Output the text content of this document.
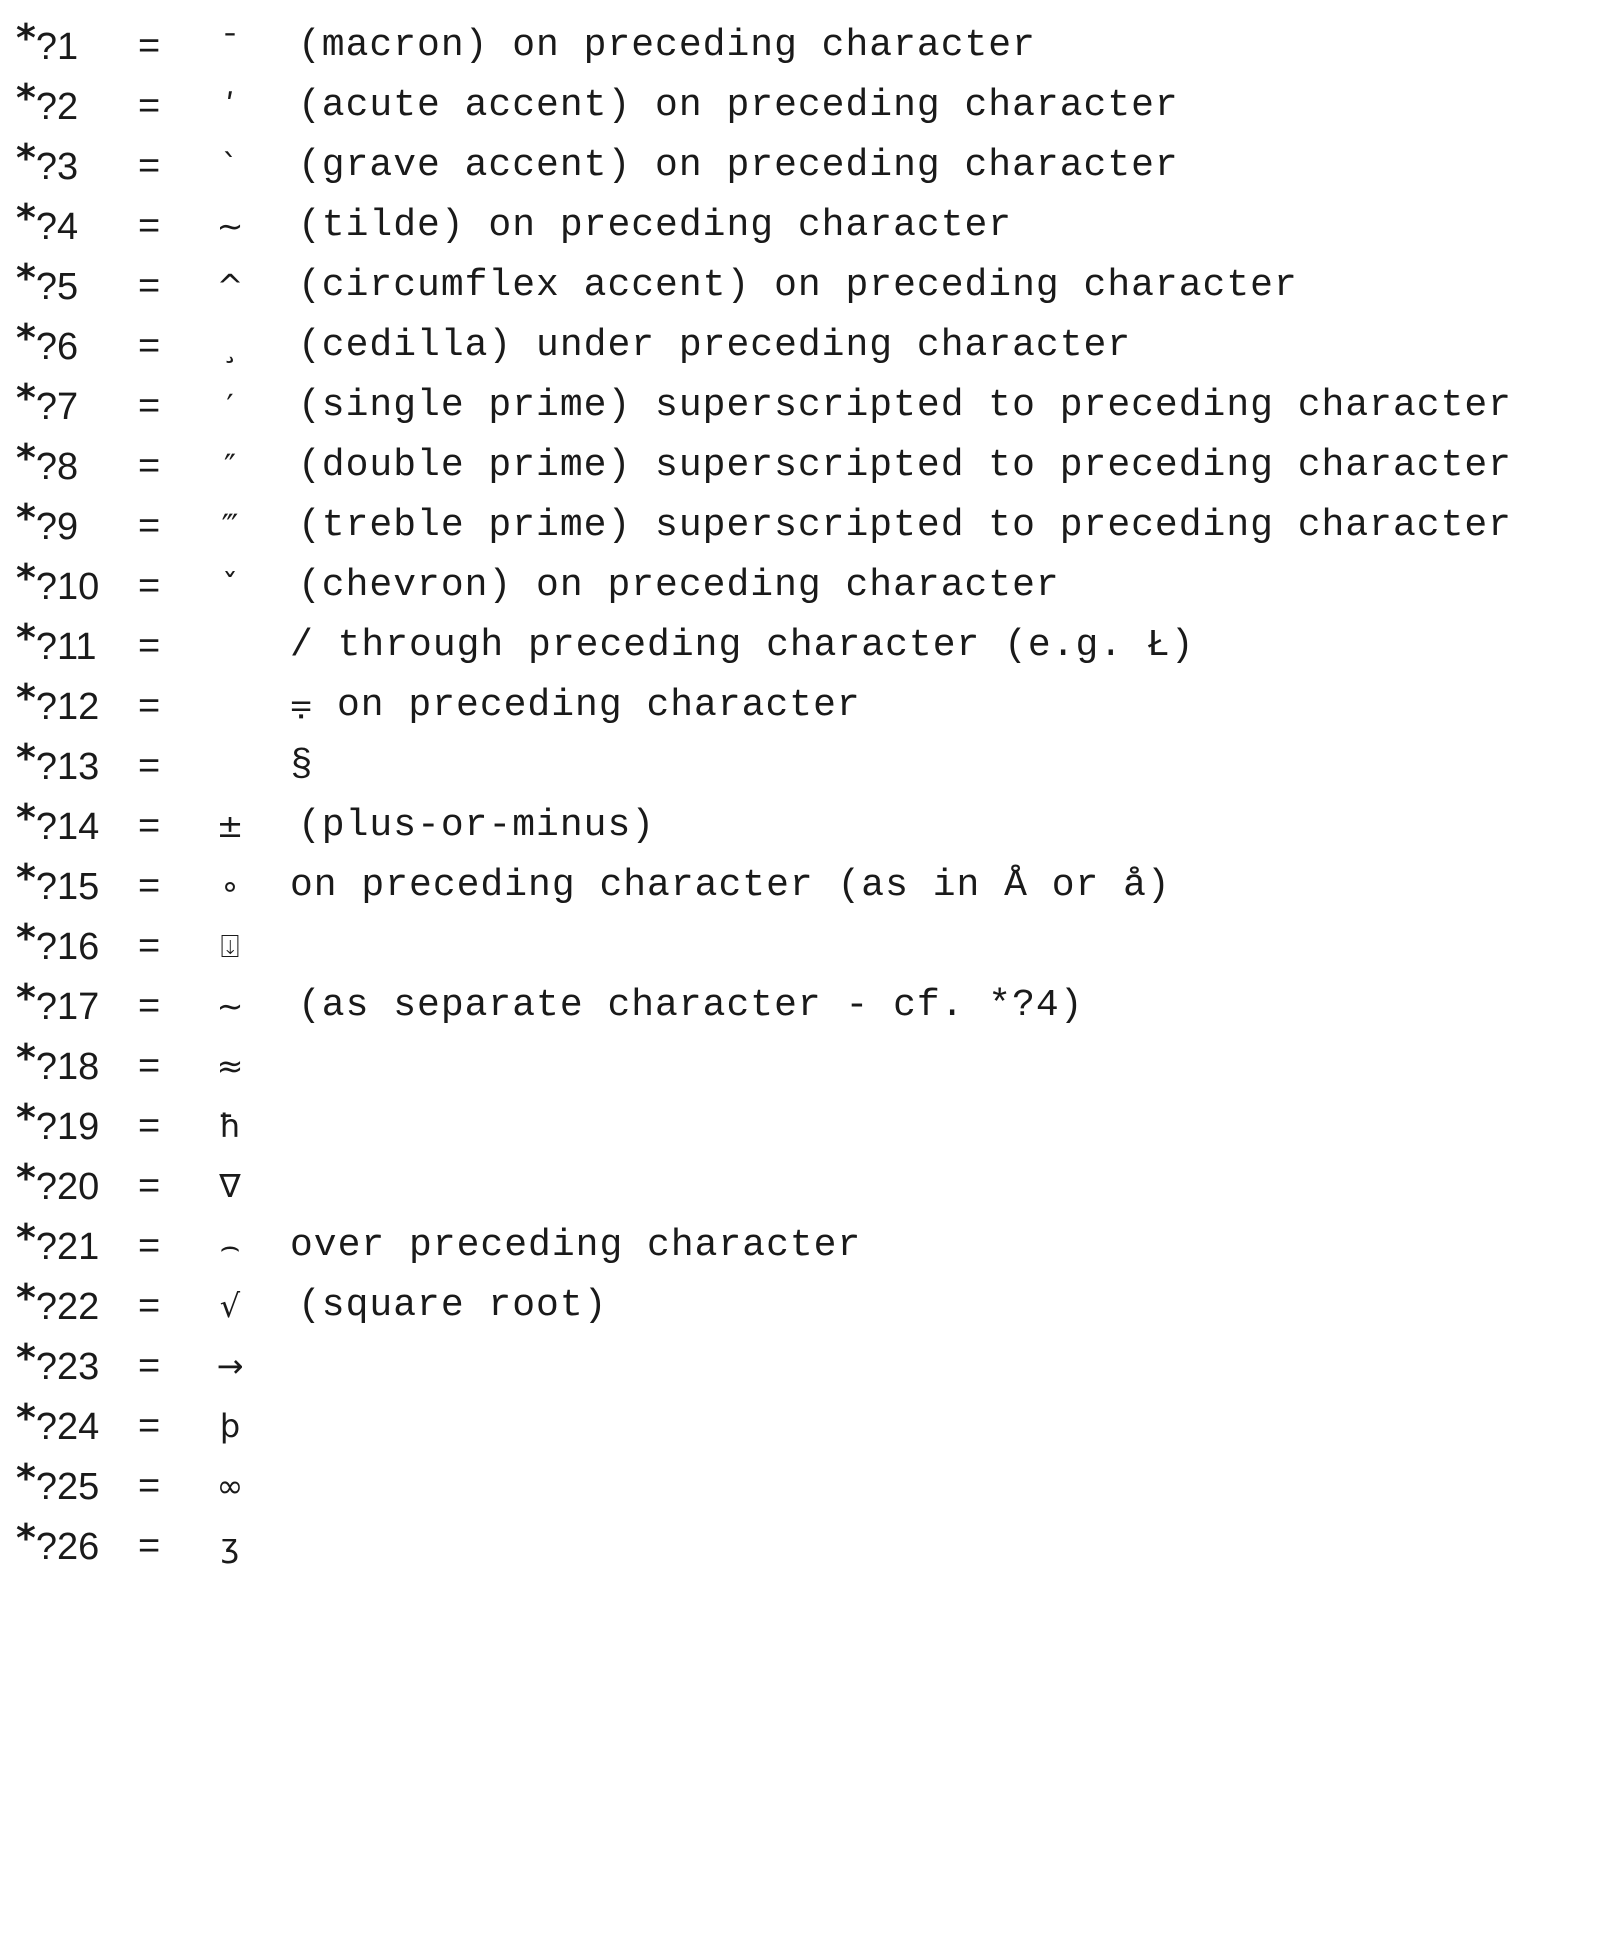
*?1 =	¯	(macron) on preceding character
*?2 =	ʹ	(acute accent) on preceding character
*?3 =	ˋ	(grave accent) on preceding character
*?4 = ~ (tilde) on preceding character
*?5 = ^ (circumflex accent) on preceding character
*?6 =	¸	(cedilla) under preceding character
*?7 =	′	(single prime) superscripted to preceding character
*?8 =	″	(double prime) superscripted to preceding character
*?9 =	‴	(treble prime) superscripted to preceding character
*?10 =	ˇ	(chevron) on preceding character
*?11 =	/ through preceding character (e.g. Ł)
*?12 =	⩦ on preceding character
*?13 =	§
*?14 = ± (plus-or-minus)
*?15 =	∘ on preceding character (as in Å or å)
*?16 =	⍗
*?17 = ~ (as separate character - cf. *?4)
*?18 = ≈
*?19 = ħ
*?20 = ∇
*?21 = ⌢ over preceding character
*?22 =	√ (square root)
*?23 = →
*?24 =	þ
*?25 = ∞
*?26 =	ʒ
